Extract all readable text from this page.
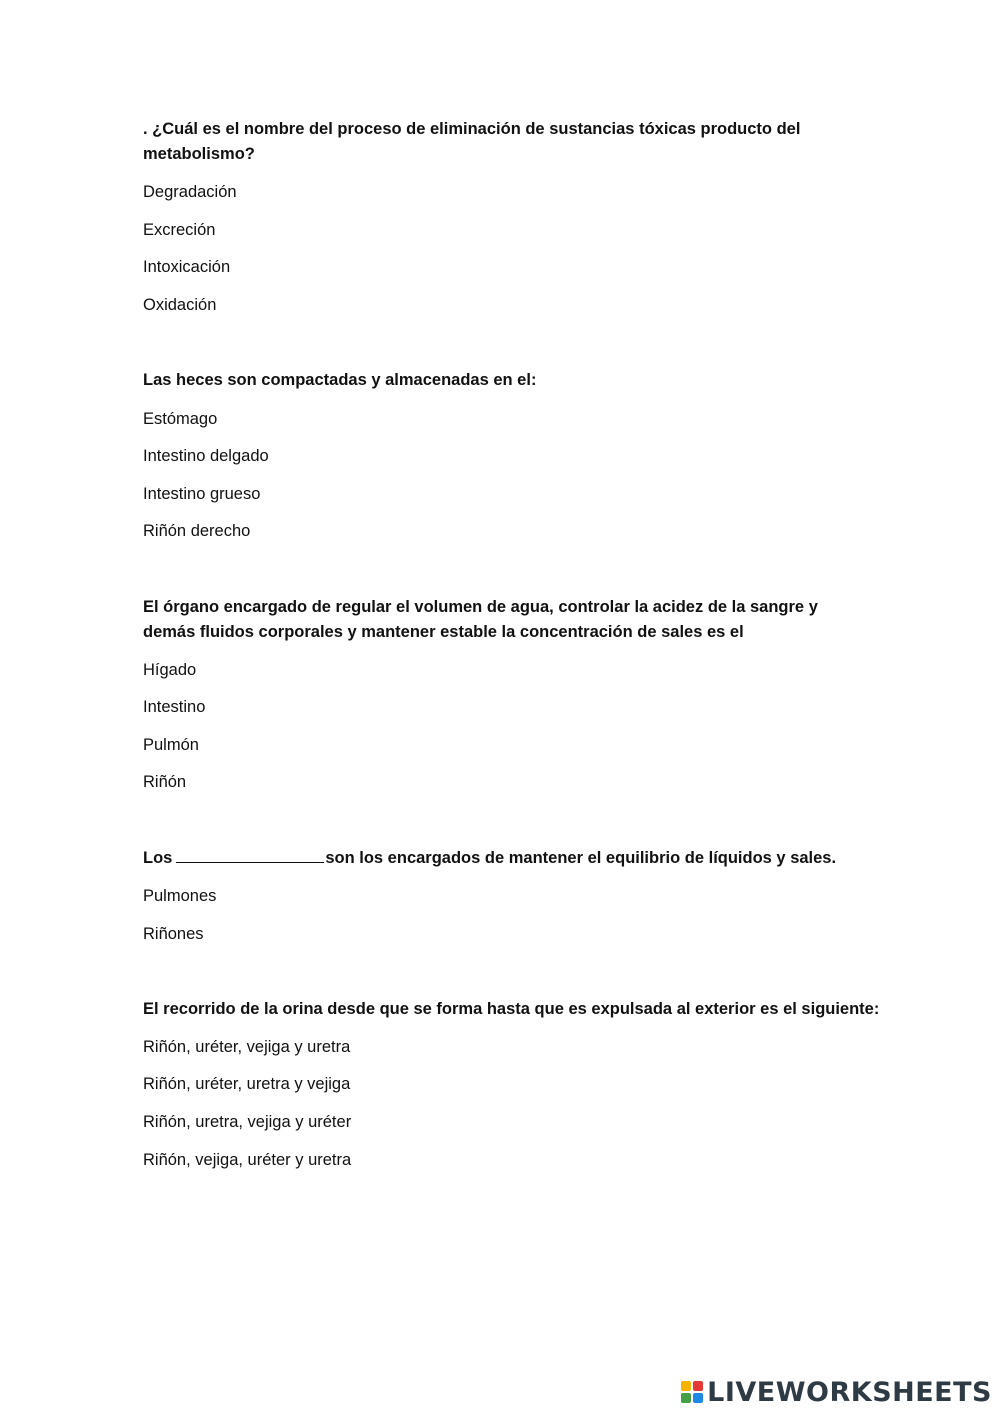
. ¿Cuál es el nombre del proceso de eliminación de sustancias tóxicas producto del metabolismo?

Degradación

Excreción

Intoxicación

Oxidación

Las heces son compactadas y almacenadas en el:

Estómago

Intestino delgado

Intestino grueso

Riñón derecho

El órgano encargado de regular el volumen de agua, controlar la acidez de la sangre y demás fluidos corporales y mantener estable la concentración de sales es el

Hígado

Intestino

Pulmón

Riñón

Los	son los encargados de mantener el equilibrio de líquidos y sales.

Pulmones

Riñones

El recorrido de la orina desde que se forma hasta que es expulsada al exterior es el siguiente:

Riñón, uréter, vejiga y uretra

Riñón, uréter, uretra y vejiga

Riñón, uretra, vejiga y uréter

Riñón, vejiga, uréter y uretra

LIVEWORKSHEETS
